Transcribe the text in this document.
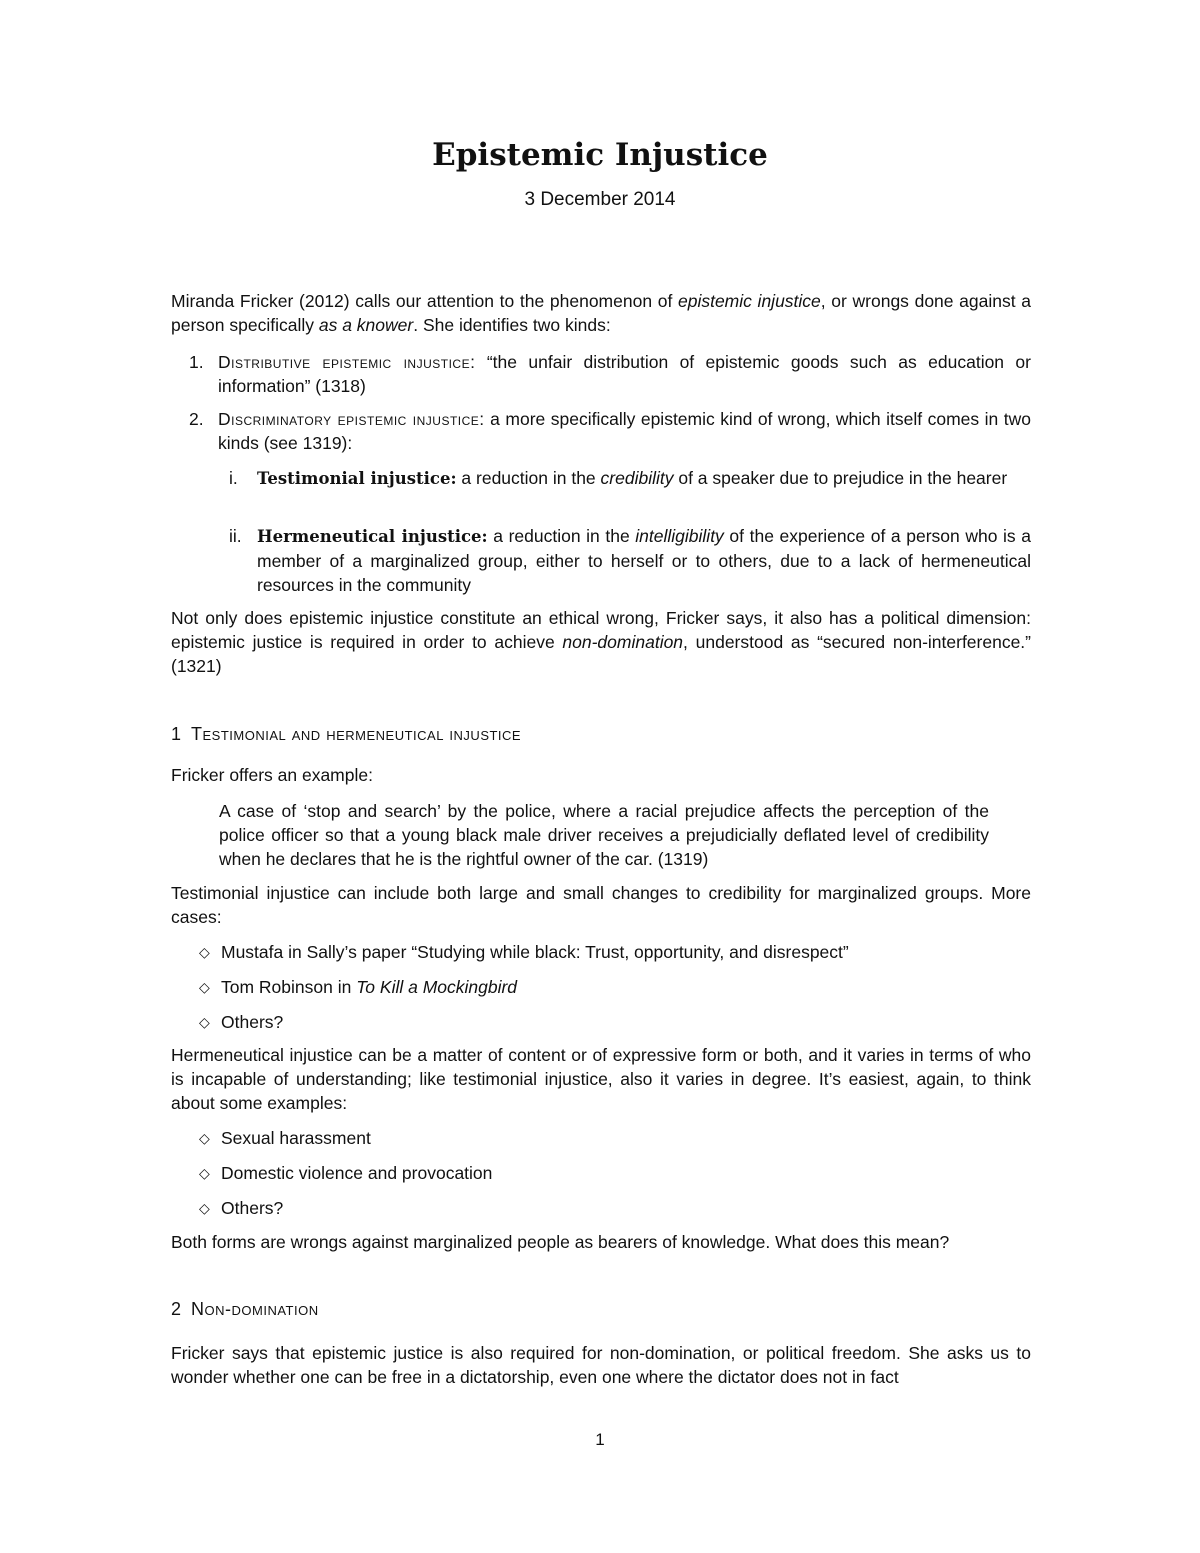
Epistemic Injustice
3 December 2014

Miranda Fricker (2012) calls our attention to the phenomenon of epistemic injustice, or wrongs done against a person specifically as a knower. She identifies two kinds:

1. Distributive epistemic injustice: “the unfair distribution of epistemic goods such as education or information” (1318)
2. Discriminatory epistemic injustice: a more specifically epistemic kind of wrong, which itself comes in two kinds (see 1319):
i. Testimonial injustice: a reduction in the credibility of a speaker due to prejudice in the hearer
ii. Hermeneutical injustice: a reduction in the intelligibility of the experience of a person who is a member of a marginalized group, either to herself or to others, due to a lack of hermeneutical resources in the community

Not only does epistemic injustice constitute an ethical wrong, Fricker says, it also has a political dimension: epistemic justice is required in order to achieve non-domination, understood as “secured non-interference.” (1321)

1 Testimonial and hermeneutical injustice

Fricker offers an example:

A case of ‘stop and search’ by the police, where a racial prejudice affects the perception of the police officer so that a young black male driver receives a prejudicially deflated level of credibility when he declares that he is the rightful owner of the car. (1319)

Testimonial injustice can include both large and small changes to credibility for marginalized groups. More cases:

◇ Mustafa in Sally’s paper “Studying while black: Trust, opportunity, and disrespect”
◇ Tom Robinson in To Kill a Mockingbird
◇ Others?

Hermeneutical injustice can be a matter of content or of expressive form or both, and it varies in terms of who is incapable of understanding; like testimonial injustice, also it varies in degree. It’s easiest, again, to think about some examples:

◇ Sexual harassment
◇ Domestic violence and provocation
◇ Others?

Both forms are wrongs against marginalized people as bearers of knowledge. What does this mean?

2 Non-domination

Fricker says that epistemic justice is also required for non-domination, or political freedom. She asks us to wonder whether one can be free in a dictatorship, even one where the dictator does not in fact

1
